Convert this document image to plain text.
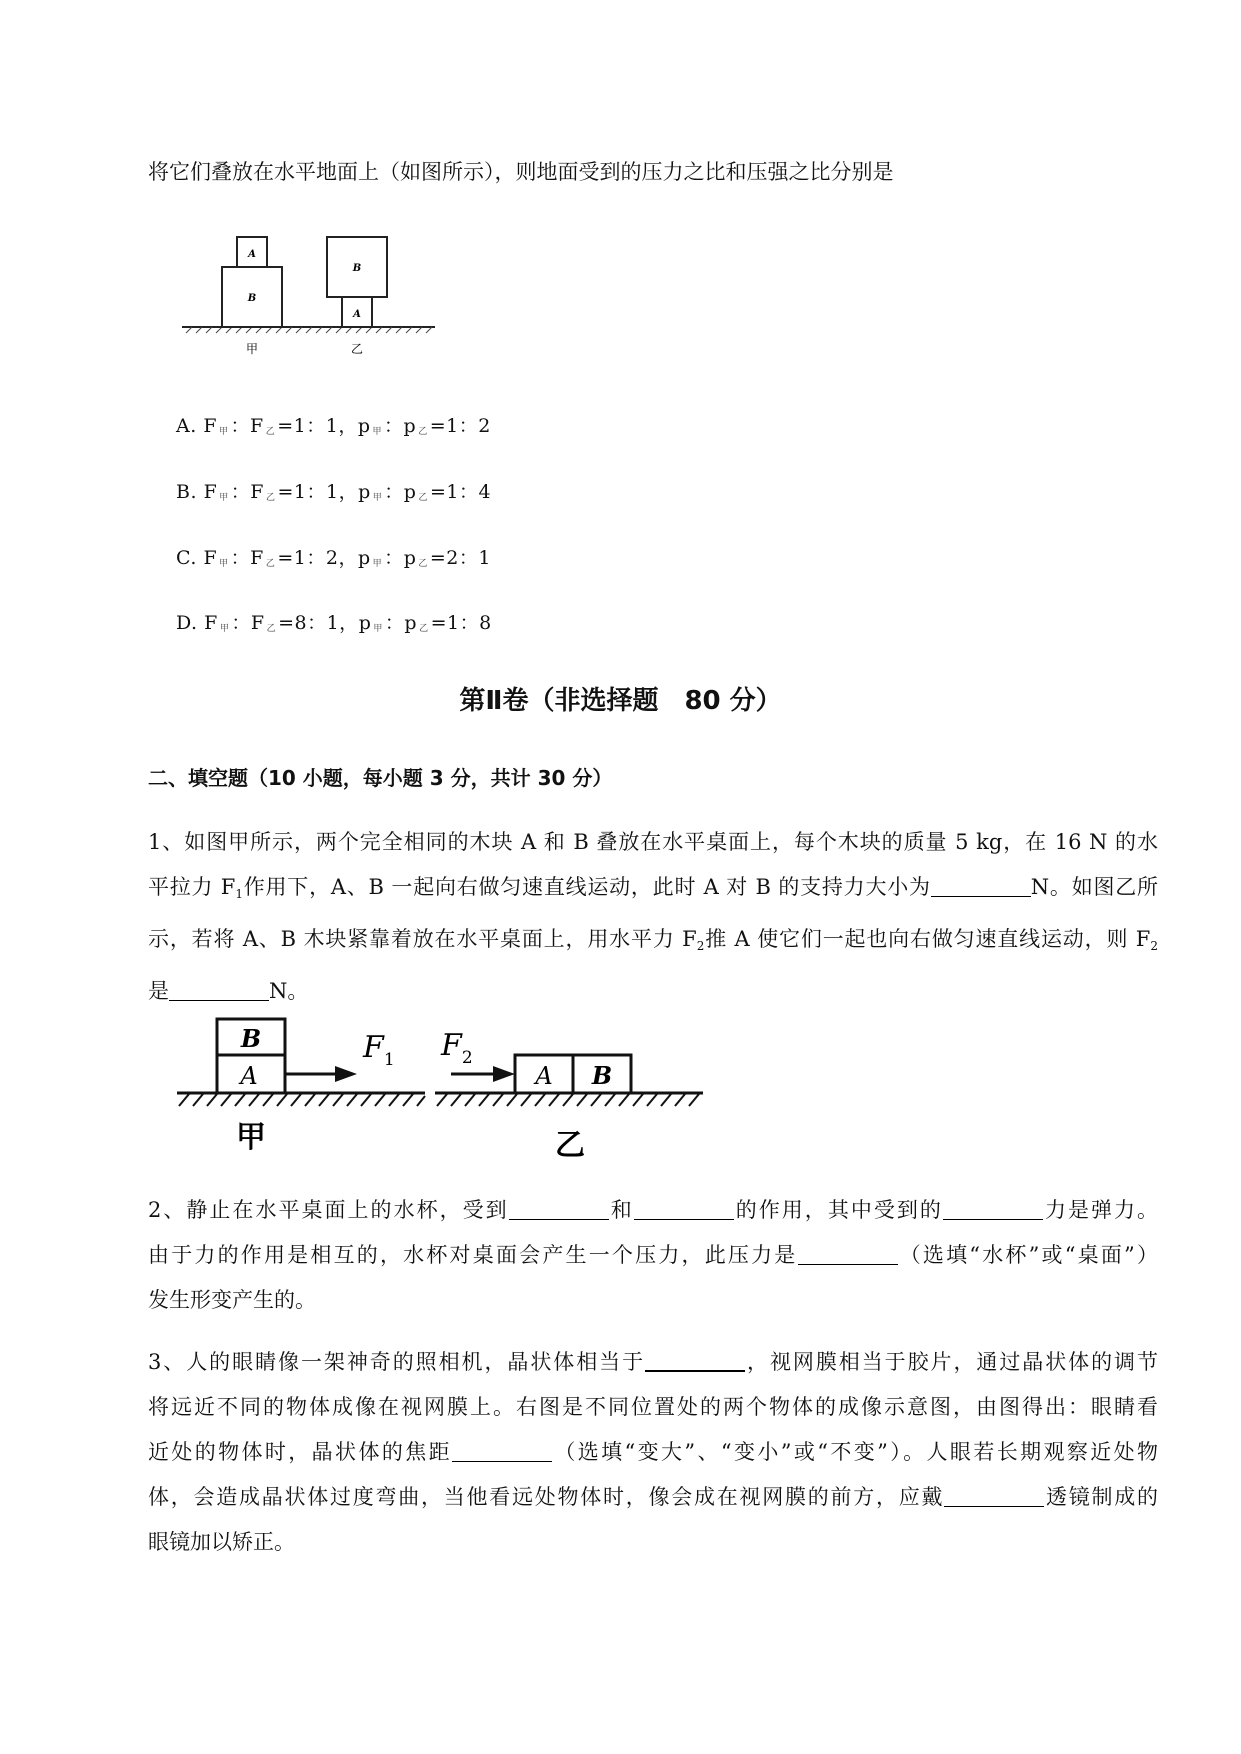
将它们叠放在水平地面上（如图所示），则地面受到的压力之比和压强之比分别是
A
B
B
A
甲	乙
A. F $_甲$ ：F $_乙$ =1：1，p $_甲$ ：p $_乙$ =1：2
B. F $_甲$ ：F $_乙$ =1：1，p $_甲$ ：p $_乙$ =1：4
C. F $_甲$ ：F $_乙$ =1：2，p $_甲$ ：p $_乙$ =2：1
D. F $_甲$ ：F $_乙$ =8：1，p $_甲$ ：p $_乙$ =1：8
第Ⅱ卷（非选择题　80 分）
二、填空题（10 小题，每小题 3 分，共计 30 分）
1、如图甲所示，两个完全相同的木块 A 和 B 叠放在水平桌面上，每个木块的质量 5 kg，在 16 N 的水
平拉力 $F_1$作用下，A、B 一起向右做匀速直线运动，此时 A 对 B 的支持力大小为	N。如图乙所
示，若将 A、B 木块紧靠着放在水平桌面上，用水平力 $F_2$推 A 使它们一起也向右做匀速直线运动，则 $F_2$
是	N。
A
B	$F_1$
A B
$F_2$
甲	乙
2、静止在水平桌面上的水杯，受到	和	的作用，其中受到的	力是弹力。
由于力的作用是相互的，水杯对桌面会产生一个压力，此压力是	（选填“水杯”或“桌面”）
发生形变产生的。
3、人的眼睛像一架神奇的照相机，晶状体相当于	，视网膜相当于胶片，通过晶状体的调节
将远近不同的物体成像在视网膜上。右图是不同位置处的两个物体的成像示意图，由图得出：眼睛看
近处的物体时，晶状体的焦距	（选填“变大”、“变小”或“不变”）。人眼若长期观察近处物
体，会造成晶状体过度弯曲，当他看远处物体时，像会成在视网膜的前方，应戴	透镜制成的
眼镜加以矫正。
